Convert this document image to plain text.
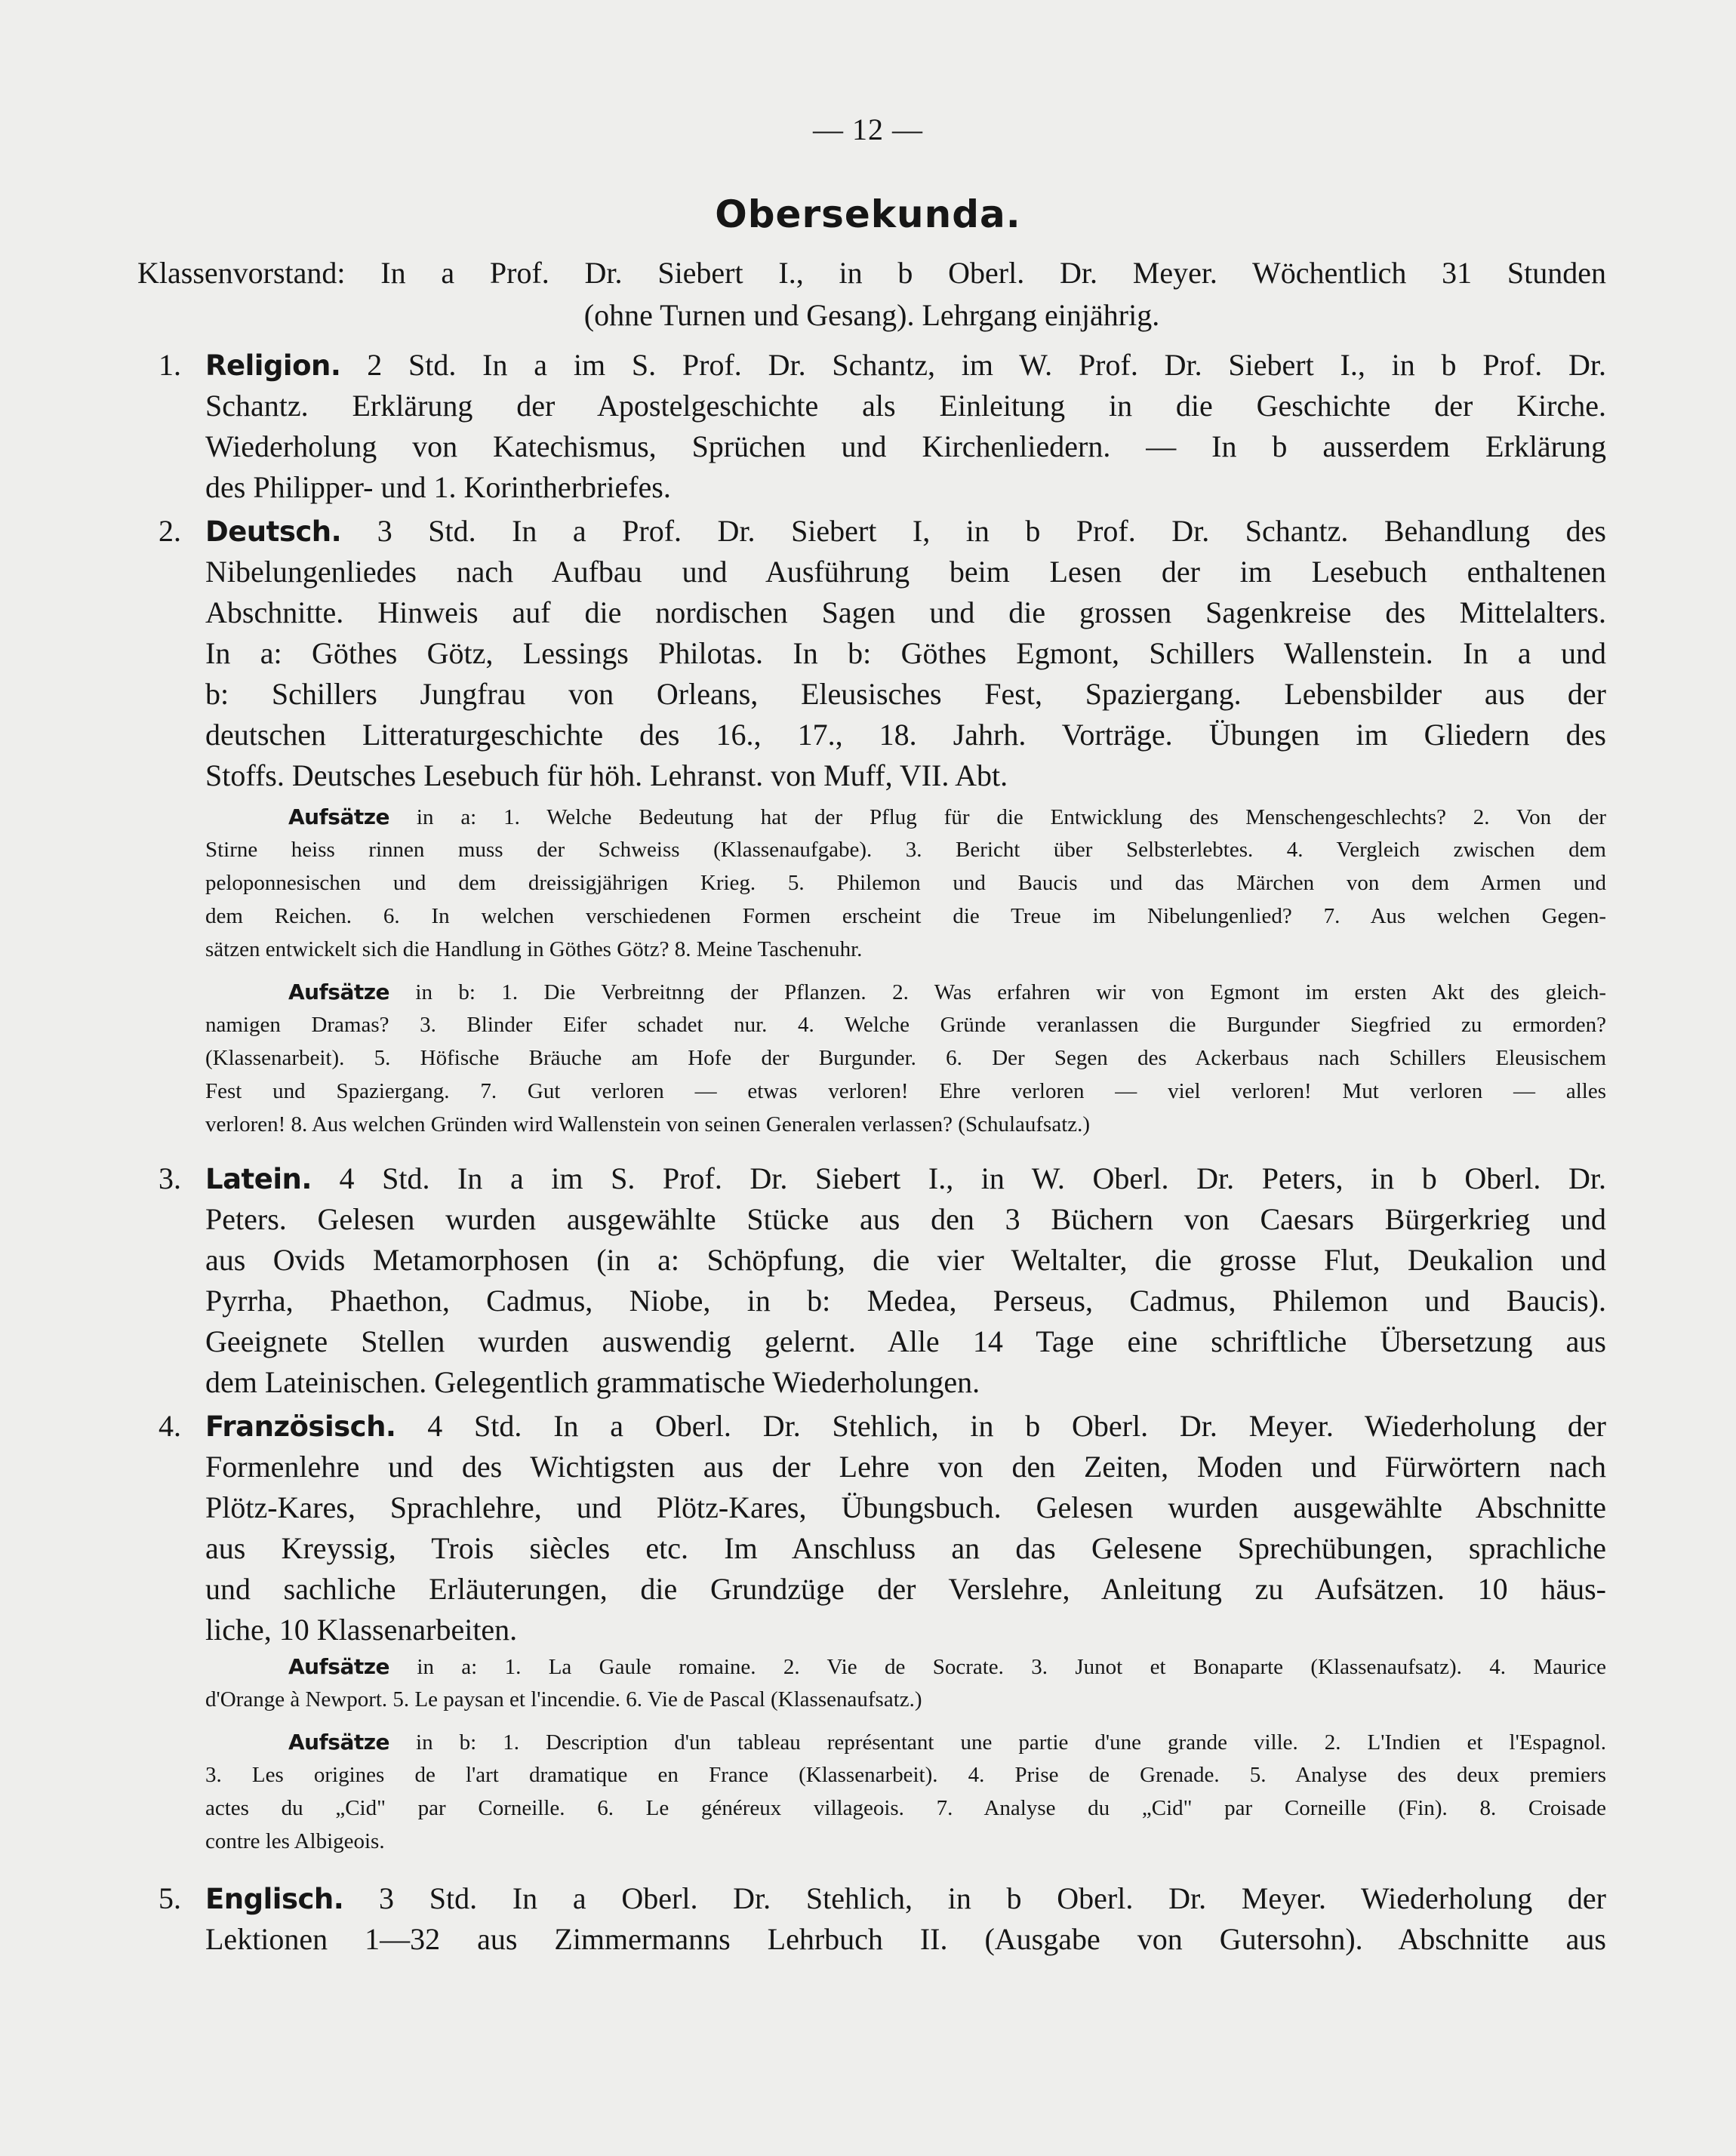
— 12 —
Obersekunda.
Klassenvorstand: In a Prof. Dr. Siebert I., in b Oberl. Dr. Meyer. Wöchentlich 31 Stunden
(ohne Turnen und Gesang). Lehrgang einjährig.
1. Religion. 2 Std. In a im S. Prof. Dr. Schantz, im W. Prof. Dr. Siebert I., in b Prof. Dr.
Schantz. Erklärung der Apostelgeschichte als Einleitung in die Geschichte der Kirche.
Wiederholung von Katechismus, Sprüchen und Kirchenliedern. — In b ausserdem Erklärung
des Philipper- und 1. Korintherbriefes.
2. Deutsch. 3 Std. In a Prof. Dr. Siebert I, in b Prof. Dr. Schantz. Behandlung des
Nibelungenliedes nach Aufbau und Ausführung beim Lesen der im Lesebuch enthaltenen
Abschnitte. Hinweis auf die nordischen Sagen und die grossen Sagenkreise des Mittelalters.
In a: Göthes Götz, Lessings Philotas. In b: Göthes Egmont, Schillers Wallenstein. In a und
b: Schillers Jungfrau von Orleans, Eleusisches Fest, Spaziergang. Lebensbilder aus der
deutschen Litteraturgeschichte des 16., 17., 18. Jahrh. Vorträge. Übungen im Gliedern des
Stoffs. Deutsches Lesebuch für höh. Lehranst. von Muff, VII. Abt.
Aufsätze in a: 1. Welche Bedeutung hat der Pflug für die Entwicklung des Menschengeschlechts? 2. Von der
Stirne heiss rinnen muss der Schweiss (Klassenaufgabe). 3. Bericht über Selbsterlebtes. 4. Vergleich zwischen dem
peloponnesischen und dem dreissigjährigen Krieg. 5. Philemon und Baucis und das Märchen von dem Armen und
dem Reichen. 6. In welchen verschiedenen Formen erscheint die Treue im Nibelungenlied? 7. Aus welchen Gegen-
sätzen entwickelt sich die Handlung in Göthes Götz? 8. Meine Taschenuhr.
Aufsätze in b: 1. Die Verbreitnng der Pflanzen. 2. Was erfahren wir von Egmont im ersten Akt des gleich-
namigen Dramas? 3. Blinder Eifer schadet nur. 4. Welche Gründe veranlassen die Burgunder Siegfried zu ermorden?
(Klassenarbeit). 5. Höfische Bräuche am Hofe der Burgunder. 6. Der Segen des Ackerbaus nach Schillers Eleusischem
Fest und Spaziergang. 7. Gut verloren — etwas verloren! Ehre verloren — viel verloren! Mut verloren — alles
verloren! 8. Aus welchen Gründen wird Wallenstein von seinen Generalen verlassen? (Schulaufsatz.)
3. Latein. 4 Std. In a im S. Prof. Dr. Siebert I., in W. Oberl. Dr. Peters, in b Oberl. Dr.
Peters. Gelesen wurden ausgewählte Stücke aus den 3 Büchern von Caesars Bürgerkrieg und
aus Ovids Metamorphosen (in a: Schöpfung, die vier Weltalter, die grosse Flut, Deukalion und
Pyrrha, Phaethon, Cadmus, Niobe, in b: Medea, Perseus, Cadmus, Philemon und Baucis).
Geeignete Stellen wurden auswendig gelernt. Alle 14 Tage eine schriftliche Übersetzung aus
dem Lateinischen. Gelegentlich grammatische Wiederholungen.
4. Französisch. 4 Std. In a Oberl. Dr. Stehlich, in b Oberl. Dr. Meyer. Wiederholung der
Formenlehre und des Wichtigsten aus der Lehre von den Zeiten, Moden und Fürwörtern nach
Plötz-Kares, Sprachlehre, und Plötz-Kares, Übungsbuch. Gelesen wurden ausgewählte Abschnitte
aus Kreyssig, Trois siècles etc. Im Anschluss an das Gelesene Sprechübungen, sprachliche
und sachliche Erläuterungen, die Grundzüge der Verslehre, Anleitung zu Aufsätzen. 10 häus-
liche, 10 Klassenarbeiten.
Aufsätze in a: 1. La Gaule romaine. 2. Vie de Socrate. 3. Junot et Bonaparte (Klassenaufsatz). 4. Maurice
d'Orange à Newport. 5. Le paysan et l'incendie. 6. Vie de Pascal (Klassenaufsatz.)
Aufsätze in b: 1. Description d'un tableau représentant une partie d'une grande ville. 2. L'Indien et l'Espagnol.
3. Les origines de l'art dramatique en France (Klassenarbeit). 4. Prise de Grenade. 5. Analyse des deux premiers
actes du „Cid" par Corneille. 6. Le généreux villageois. 7. Analyse du „Cid" par Corneille (Fin). 8. Croisade
contre les Albigeois.
5. Englisch. 3 Std. In a Oberl. Dr. Stehlich, in b Oberl. Dr. Meyer. Wiederholung der
Lektionen 1—32 aus Zimmermanns Lehrbuch II. (Ausgabe von Gutersohn). Abschnitte aus
